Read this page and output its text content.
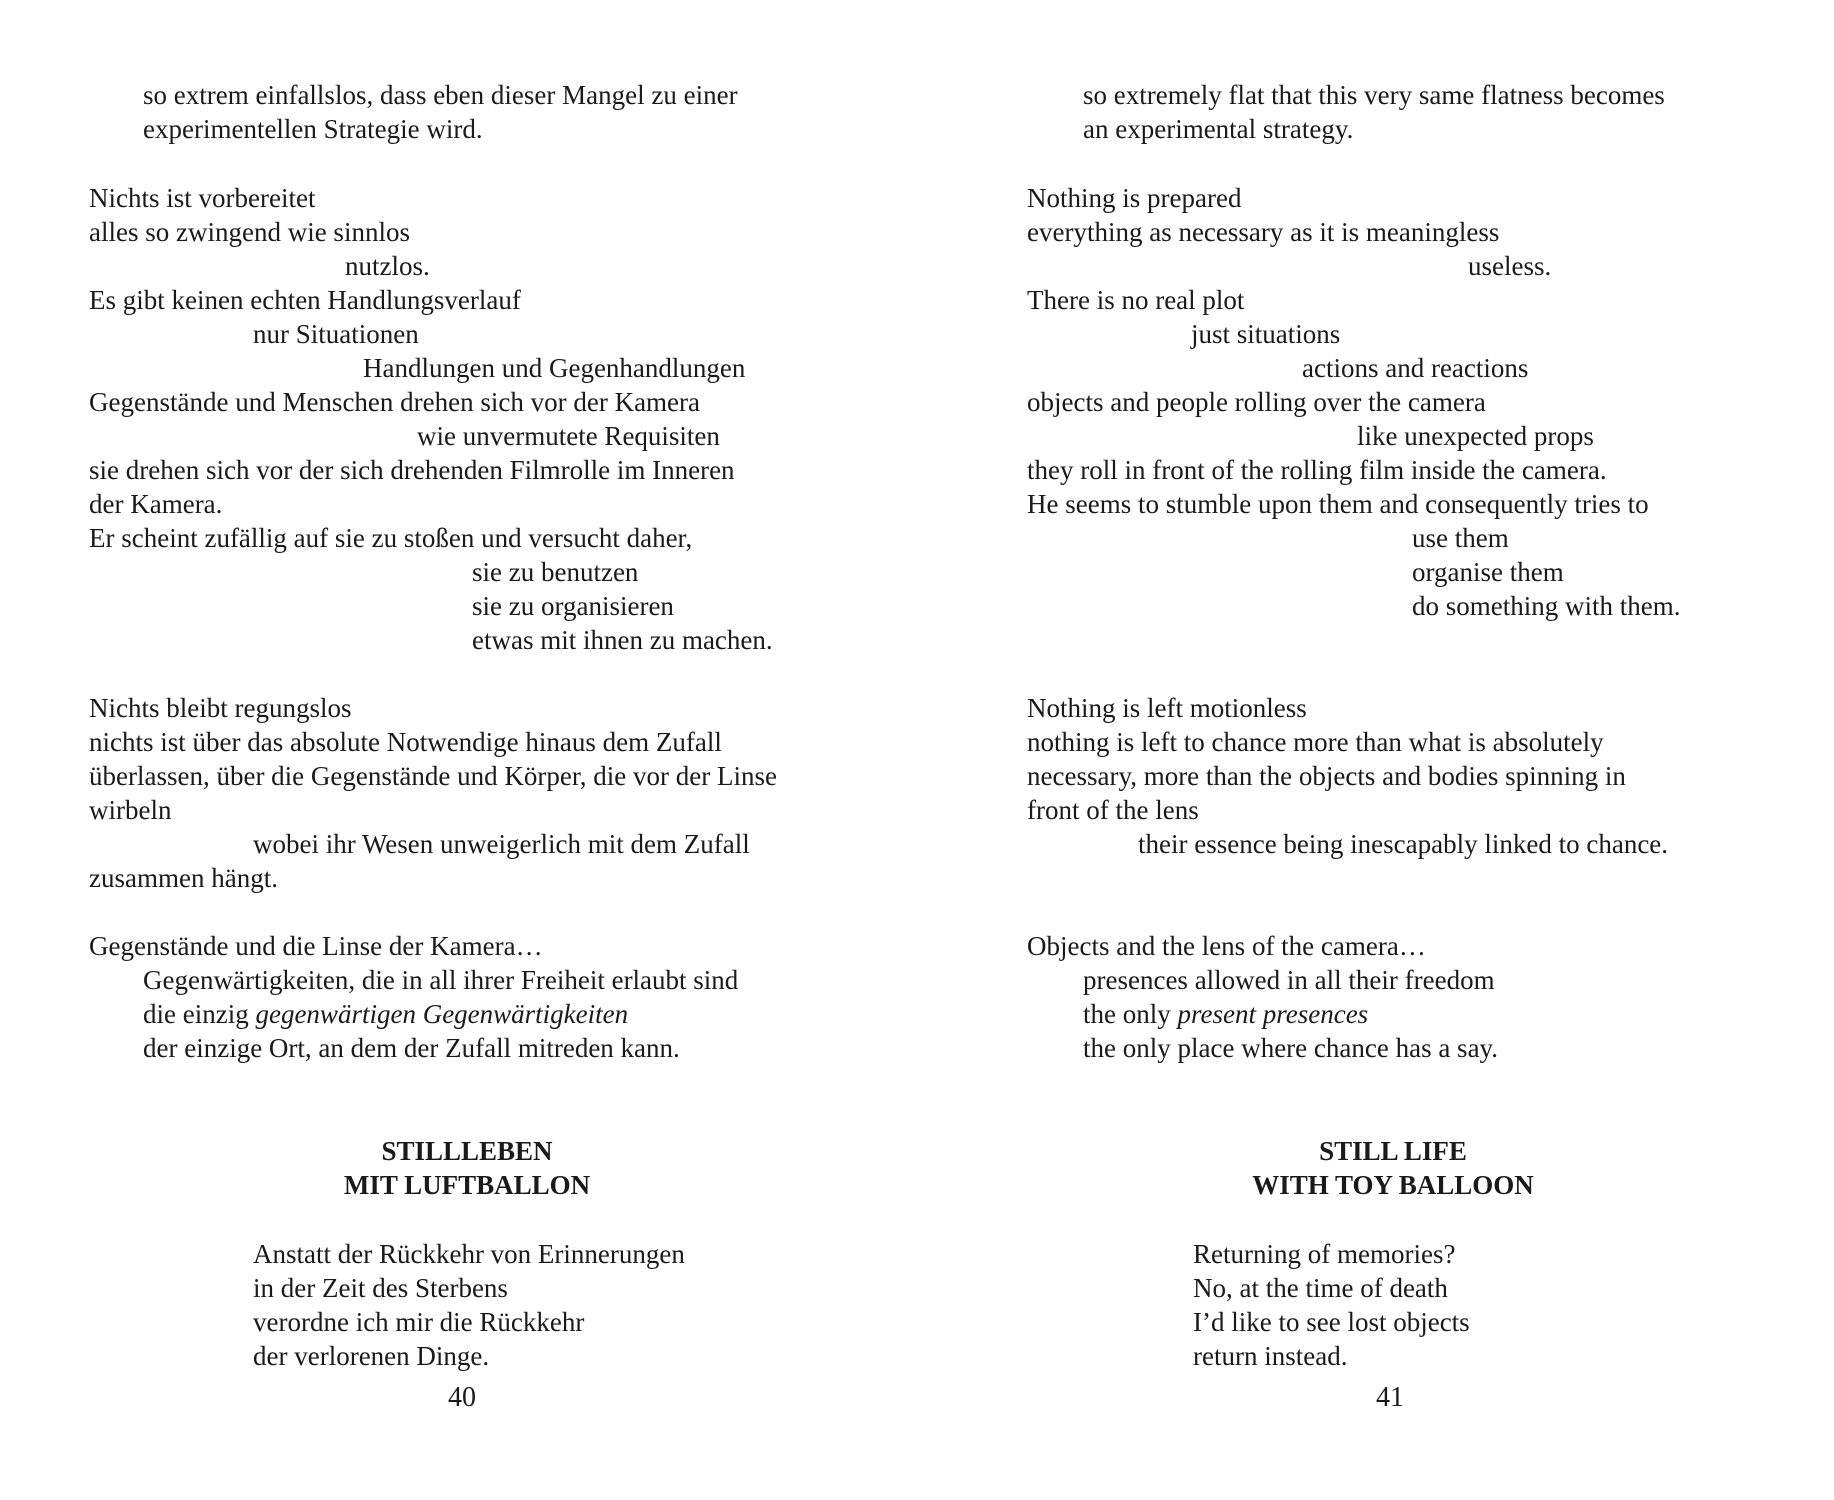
so extrem einfallslos, dass eben dieser Mangel zu einer
experimentellen Strategie wird.
Nichts ist vorbereitet
alles so zwingend wie sinnlos
nutzlos.
Es gibt keinen echten Handlungsverlauf
nur Situationen
Handlungen und Gegenhandlungen
Gegenstände und Menschen drehen sich vor der Kamera
wie unvermutete Requisiten
sie drehen sich vor der sich drehenden Filmrolle im Inneren
der Kamera.
Er scheint zufällig auf sie zu stoßen und versucht daher,
sie zu benutzen
sie zu organisieren
etwas mit ihnen zu machen.
Nichts bleibt regungslos
nichts ist über das absolute Notwendige hinaus dem Zufall
überlassen, über die Gegenstände und Körper, die vor der Linse
wirbeln
wobei ihr Wesen unweigerlich mit dem Zufall
zusammen hängt.
Gegenstände und die Linse der Kamera…
Gegenwärtigkeiten, die in all ihrer Freiheit erlaubt sind
die einzig gegenwärtigen Gegenwärtigkeiten
der einzige Ort, an dem der Zufall mitreden kann.
STILLLEBEN
MIT LUFTBALLON
Anstatt der Rückkehr von Erinnerungen
in der Zeit des Sterbens
verordne ich mir die Rückkehr
der verlorenen Dinge.
40
so extremely flat that this very same flatness becomes
an experimental strategy.
Nothing is prepared
everything as necessary as it is meaningless
useless.
There is no real plot
just situations
actions and reactions
objects and people rolling over the camera
like unexpected props
they roll in front of the rolling film inside the camera.
He seems to stumble upon them and consequently tries to
use them
organise them
do something with them.
Nothing is left motionless
nothing is left to chance more than what is absolutely
necessary, more than the objects and bodies spinning in
front of the lens
their essence being inescapably linked to chance.
Objects and the lens of the camera…
presences allowed in all their freedom
the only present presences
the only place where chance has a say.
STILL LIFE
WITH TOY BALLOON
Returning of memories?
No, at the time of death
I’d like to see lost objects
return instead.
41
